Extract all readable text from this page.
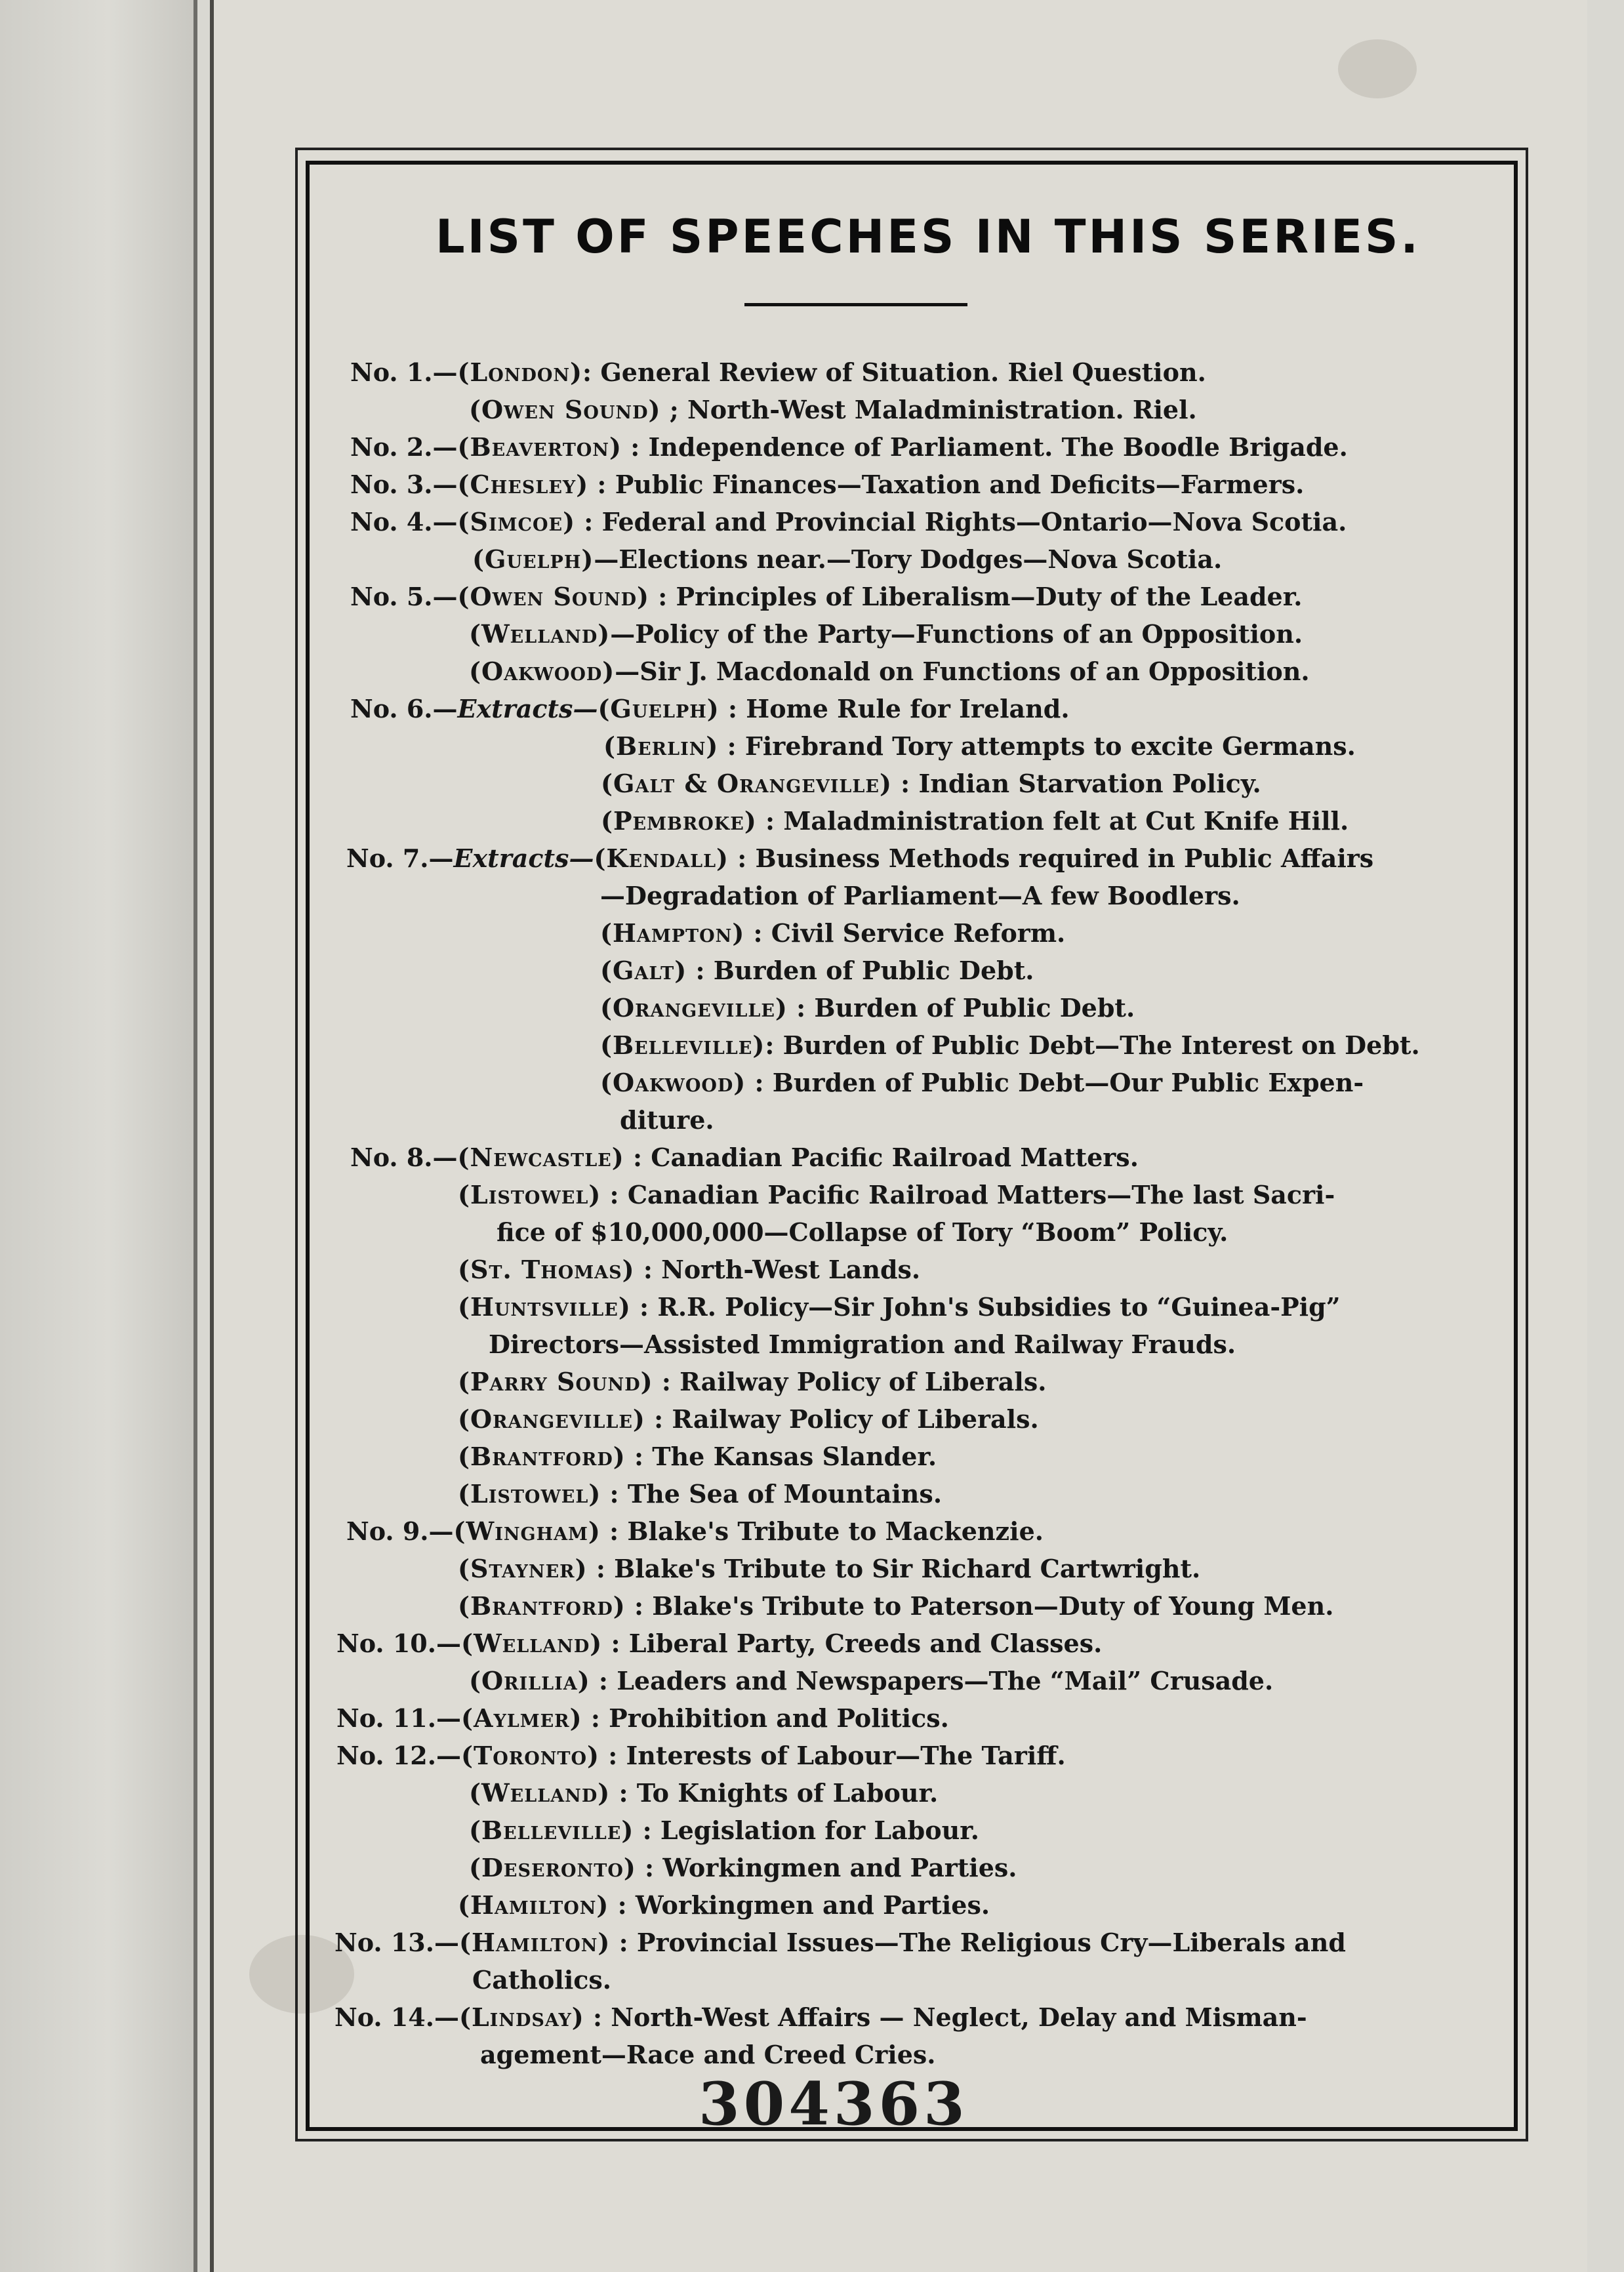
LIST OF SPEECHES IN THIS SERIES.
No. 1.—(London): General Review of Situation. Riel Question.
(Owen Sound) ; North-West Maladministration. Riel.
No. 2.—(Beaverton) : Independence of Parliament. The Boodle Brigade.
No. 3.—(Chesley) : Public Finances—Taxation and Deficits—Farmers.
No. 4.—(Simcoe) : Federal and Provincial Rights—Ontario—Nova Scotia.
(Guelph)—Elections near.—Tory Dodges—Nova Scotia.
No. 5.—(Owen Sound) : Principles of Liberalism—Duty of the Leader.
(Welland)—Policy of the Party—Functions of an Opposition.
(Oakwood)—Sir J. Macdonald on Functions of an Opposition.
No. 6.—Extracts—(Guelph) : Home Rule for Ireland.
(Berlin) : Firebrand Tory attempts to excite Germans.
(Galt & Orangeville) : Indian Starvation Policy.
(Pembroke) : Maladministration felt at Cut Knife Hill.
No. 7.—Extracts—(Kendall) : Business Methods required in Public Affairs
—Degradation of Parliament—A few Boodlers.
(Hampton) : Civil Service Reform.
(Galt) : Burden of Public Debt.
(Orangeville) : Burden of Public Debt.
(Belleville): Burden of Public Debt—The Interest on Debt.
(Oakwood) : Burden of Public Debt—Our Public Expen-
diture.
No. 8.—(Newcastle) : Canadian Pacific Railroad Matters.
(Listowel) : Canadian Pacific Railroad Matters—The last Sacri-
fice of $10,000,000—Collapse of Tory “Boom” Policy.
(St. Thomas) : North-West Lands.
(Huntsville) : R.R. Policy—Sir John's Subsidies to “Guinea-Pig”
Directors—Assisted Immigration and Railway Frauds.
(Parry Sound) : Railway Policy of Liberals.
(Orangeville) : Railway Policy of Liberals.
(Brantford) : The Kansas Slander.
(Listowel) : The Sea of Mountains.
No. 9.—(Wingham) : Blake's Tribute to Mackenzie.
(Stayner) : Blake's Tribute to Sir Richard Cartwright.
(Brantford) : Blake's Tribute to Paterson—Duty of Young Men.
No. 10.—(Welland) : Liberal Party, Creeds and Classes.
(Orillia) : Leaders and Newspapers—The “Mail” Crusade.
No. 11.—(Aylmer) : Prohibition and Politics.
No. 12.—(Toronto) : Interests of Labour—The Tariff.
(Welland) : To Knights of Labour.
(Belleville) : Legislation for Labour.
(Deseronto) : Workingmen and Parties.
(Hamilton) : Workingmen and Parties.
No. 13.—(Hamilton) : Provincial Issues—The Religious Cry—Liberals and
Catholics.
No. 14.—(Lindsay) : North-West Affairs — Neglect, Delay and Misman-
agement—Race and Creed Cries.
304363
